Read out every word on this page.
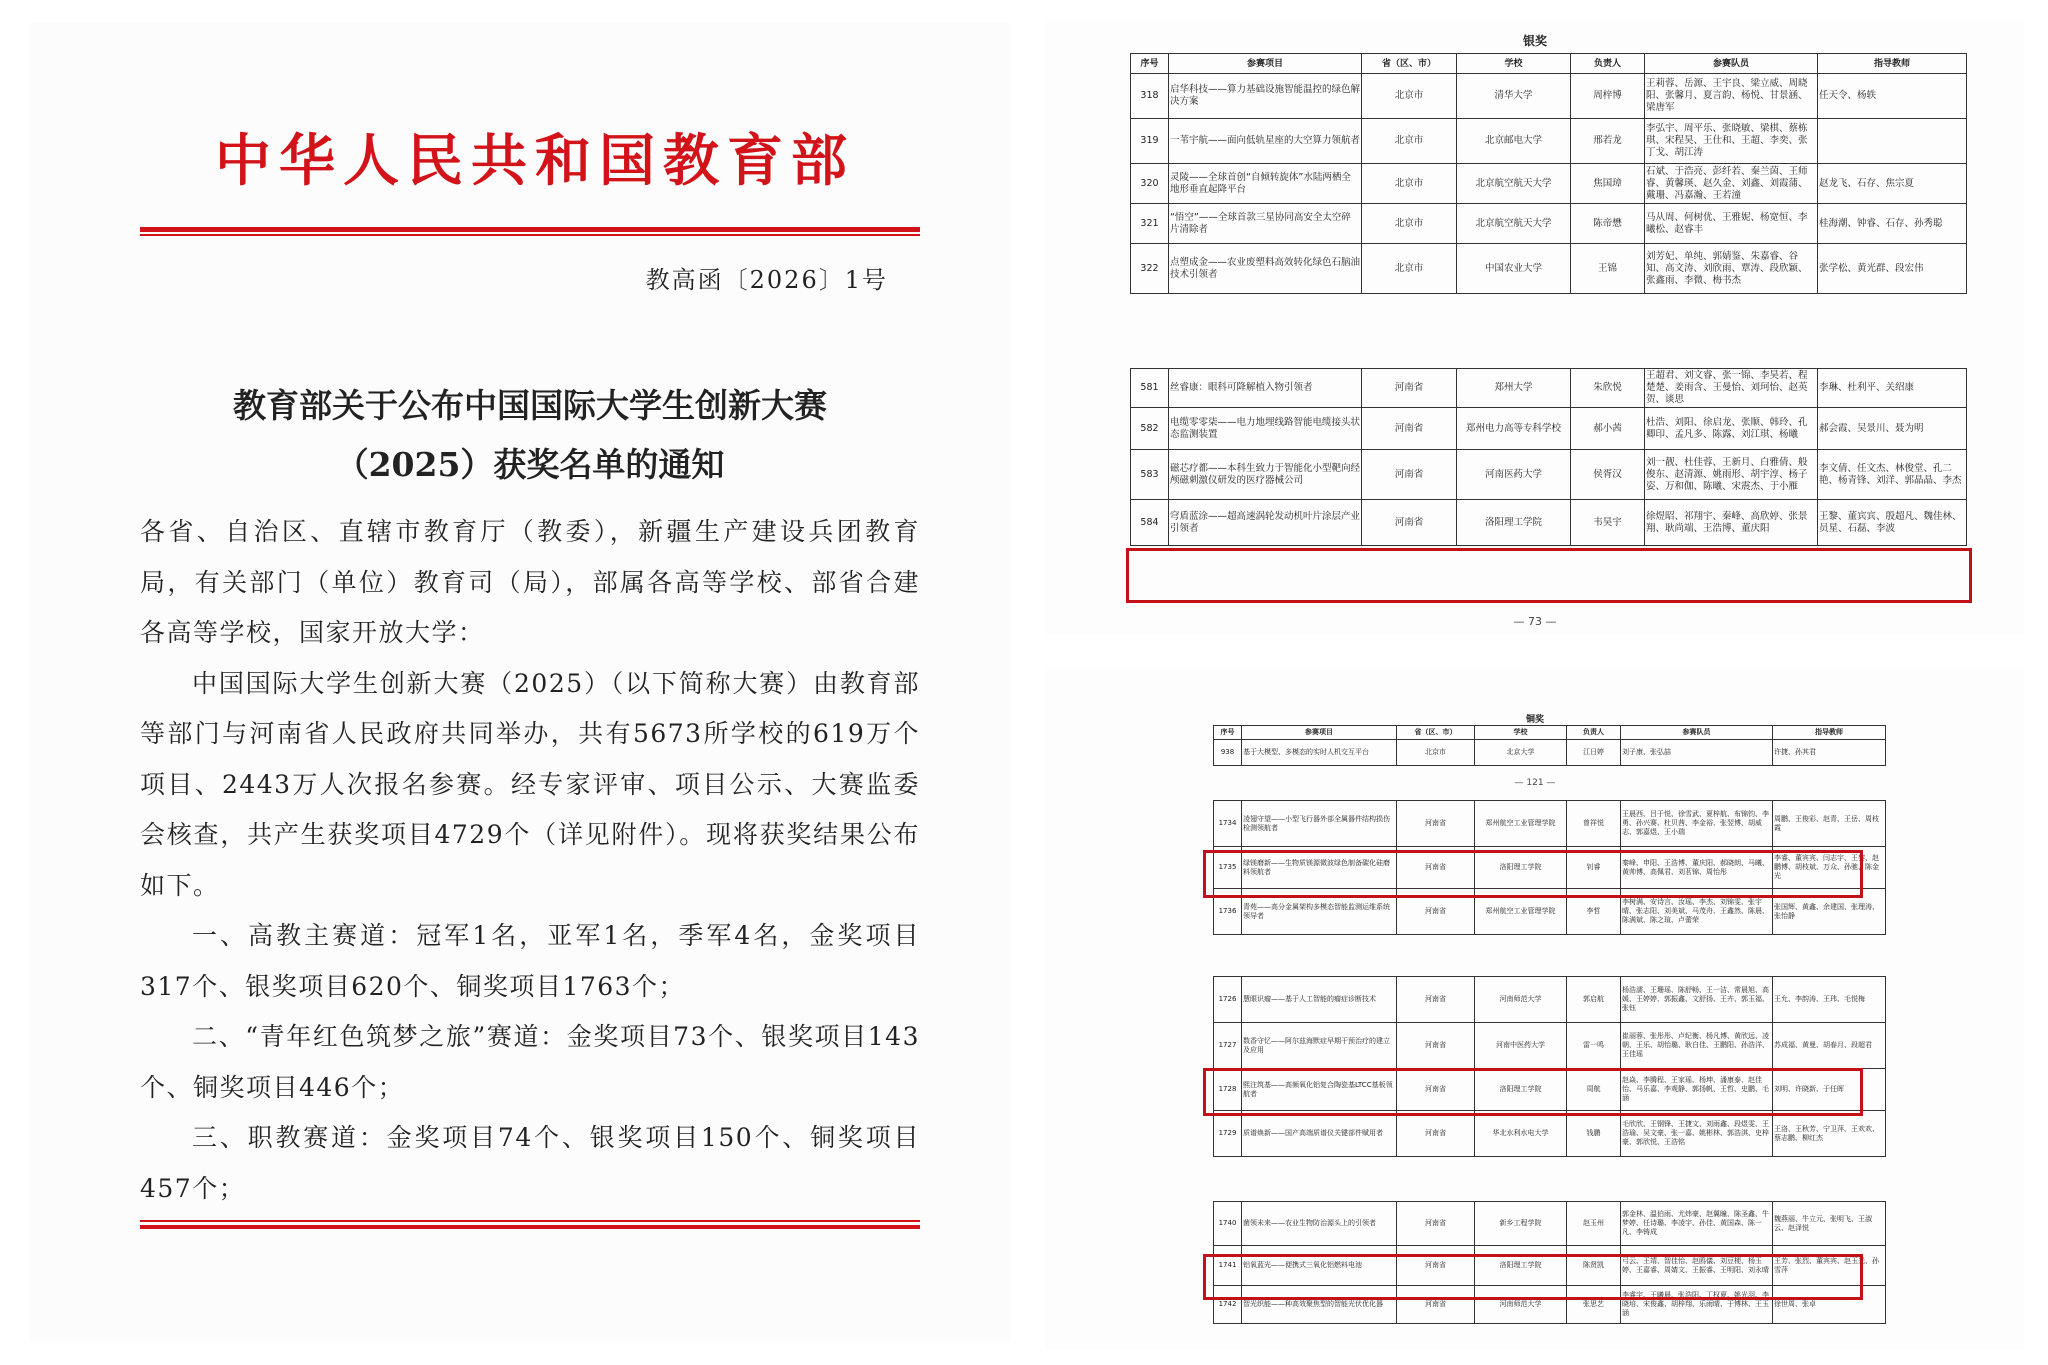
中华人民共和国教育部
教高函〔2026〕1号
教育部关于公布中国国际大学生创新大赛
（2025）获奖名单的通知

各省、自治区、直辖市教育厅（教委），新疆生产建设兵团教育局，有关部门（单位）教育司（局），部属各高等学校、部省合建各高等学校，国家开放大学：

中国国际大学生创新大赛（2025）（以下简称大赛）由教育部等部门与河南省人民政府共同举办，共有5673所学校的619万个项目、2443万人次报名参赛。经专家评审、项目公示、大赛监委会核查，共产生获奖项目4729个（详见附件）。现将获奖结果公布如下。

一、高教主赛道：冠军1名，亚军1名，季军4名，金奖项目317个、银奖项目620个、铜奖项目1763个；

二、“青年红色筑梦之旅”赛道：金奖项目73个、银奖项目143个、铜奖项目446个；

三、职教赛道：金奖项目74个、银奖项目150个、铜奖项目457个；

银奖
序号	参赛项目	省（区、市）	学校	负责人	参赛队员	指导教师
318	启华科技——算力基础设施智能温控的绿色解决方案	北京市	清华大学	周梓博	王莉蓉、岳源、王宇良、梁立威、周晓阳、张馨月、夏言韵、杨悦、甘景涵、梁唐军	任天令、杨轶
319	一苇宇航——面向低轨星座的大空算力领航者	北京市	北京邮电大学	邢若龙	李弘宇、周平乐、张晓敏、梁棋、蔡栋琪、宋程昊、王仕和、王超、李奕、张丁戈、胡江涛	
320	灵陵——全球首创“自倾转旋体”水陆两栖全地形垂直起降平台	北京市	北京航空航天大学	焦国璋	石斌、于浩亮、彭纤若、秦兰茵、王师睿、黄馨瑛、赵久金、刘鑫、刘霞蒲、戴珊、冯嘉瀚、王若潼	赵龙飞、石存、焦宗夏
321	“悟空”——全球首款三星协同高安全太空碎片清除者	北京市	北京航空航天大学	陈帝懋	马从周、何树优、王雅妮、杨宽恒、李曦松、赵睿丰	桂海潮、钟睿、石存、孙秀聪
322	点塑成金——农业废塑料高效转化绿色石脑油技术引领者	北京市	中国农业大学	王锦	刘芳妃、单纯、郭婧鉴、朱嘉睿、谷知、高文涛、刘欣雨、覃涛、段欣颖、张鑫雨、李微、梅书杰	张学松、黄光群、段宏伟
581	丝睿康：眼科可降解植入物引领者	河南省	郑州大学	朱欣悦	王超君、刘文睿、张一锦、李昊若、程楚楚、姜雨含、王曼怡、刘珂怡、赵英贺、谈思	李琳、杜利平、关绍康
582	电缆零零柒——电力地埋线路智能电缆接头状态监测装置	河南省	郑州电力高等专科学校	郝小茜	杜浩、刘阳、徐启龙、张顺、韩玲、孔卿印、孟凡多、陈露、刘江琪、杨曦	郝会霞、吴景川、聂为明
583	磁芯疗都——本科生致力于智能化小型靶向经颅磁刺激仪研发的医疗器械公司	河南省	河南医药大学	侯胥汉	刘一靓、杜佳蓉、王新月、白雅倩、般俊东、赵清源、姚雨形、胡宇淳、杨子姿、万和伽、陈曦、宋震杰、于小雁	李文倩、任文杰、林俊堂、孔二艳、杨青锋、刘洋、郭晶晶、李杰
584	穹盾蓝涂——超高速涡轮发动机叶片涂层产业引领者	河南省	洛阳理工学院	韦昊宇	徐煜昭、祁翔宇、秦峰、高欣婷、张景翔、耿尚端、王浩博、董庆阳	王黎、董宾宾、殷超凡、魏佳林、员星、石磊、李波
— 73 —
铜奖
序号	参赛项目	省（区、市）	学校	负责人	参赛队员	指导教师
938	基于大模型、多模态的实时人机交互平台	北京市	北京大学	江日婷	刘子康、张弘喆	许捷、孙其君
— 121 —
1734	凌翅守望——小型飞行器外部全属器件结构损伤检测领航者	河南省	郑州航空工业管理学院	曾祥悦	王晨西、吕于悦、徐雪武、夏梓航、布锦钧、李勇、孙兴赛、杜贝茜、李金裕、张翌博、胡威志、郭嘉煜、王小瑞	周鹏、王俊彩、赵青、王岳、周枝霞
1735	绿镁磨新——生物质镁源微波绿色制备碳化硅磨料领航者	河南省	洛阳理工学院	钊睿	秦峰、申阳、王浩博、董庆阳、郝晓朗、马曦、黄帅博、高佩君、刘茗锦、周怡彤	李睿、董宾宾、闫志宇、王黎、赵鹏博、胡枝斌、万众、孙驰、陈金光
1736	青苑——高分金属架构多模态智能监测运维系统领导者	河南省	郑州航空工业管理学院	李哲	李树满、安诗言、汝瑶、李杰、刘锦雯、张宇晴、张志阳、刘美斌、马茂舟、王鑫然、陈晨、陈满斌、陈之瑄、卢蕾荣	张国辉、黄鑫、余建国、张理涛、张怡静
1726	慧眼识瘤——基于人工智能的瘤症诊断技术	河南省	河南师范大学	郭启航	杨浩濡、王珊瑶、陈舒畅、王一洁、常晨旭、高媛、王婷婷、郭振鑫、文舒扬、王卉、郭玉福、张钰	王允、李韵涛、王玮、毛悦梅
1727	数香守忆——阿尔兹海默症早期干预治疗的建立及应用	河南省	河南中医药大学	雷一鸣	崔丽蓉、张彤彤、卢纪衡、杨凡博、黄欣远、凌朝、王乐、胡怡璐、耿白佳、王鹏阳、孙浩洋、王佳瑶	苏成福、黄曼、胡春月、段超君
1728	熙注筑基——高频氧化铝复合陶瓷基LTCC基板领航者	河南省	洛阳理工学院	周航	赵焱、李腾程、王家瑶、杨坤、潘康泰、赵佳怡、马乐嘉、李观静、郭扬帆、王哲、史鹏、毛涵	刘明、许晓新、于任晖
1729	质谱焕新——国产高端质谱仪关键部件赋用者	河南省	华北水利水电大学	钱鹏	毛欣欣、王钢锋、王捷文、刘雨鑫、段煜雯、王浩瑜、吴文豪、张一嘉、姚彬林、郭浩淇、史梓豪、郭欣悦、王浩铭	王洛、王秋芳、宁卫萍、王欢欢、蔡志鹏、柳红杰
1740	菌领未来——农业生物防治源头上的引领者	河南省	新乡工程学院	赵玉州	郭金林、温伯雨、尤炜豪、赵翼瞳、陈圣鑫、牛梦婷、任诗璐、李凌宇、孙佳、黄国森、陈一凡、李铸成	魏燕丽、牛立元、张明飞、王淑云、赵泽悦
1741	铝氧蓝光——便携式三氧化铝燃料电池	河南省	洛阳理工学院	陈贤凯	弓云、王靖、智佳怡、赵鸥儀、刘豆梗、杨玉婷、王嘉睿、周婧文、王振睿、王明阳、刘永晴	王芳、张烈、董宾宾、赵玉光、孙雪萍
1742	智光织能——种高效聚焦型的智能光伏优化器	河南省	河南师范大学	张思艺	李睿宇、王曦晨、张浩阳、丁权夏、姚光羽、李晓培、宋俊鑫、胡梓翔、乐雨晴、于博林、王玉涵	徐世周、张卓
